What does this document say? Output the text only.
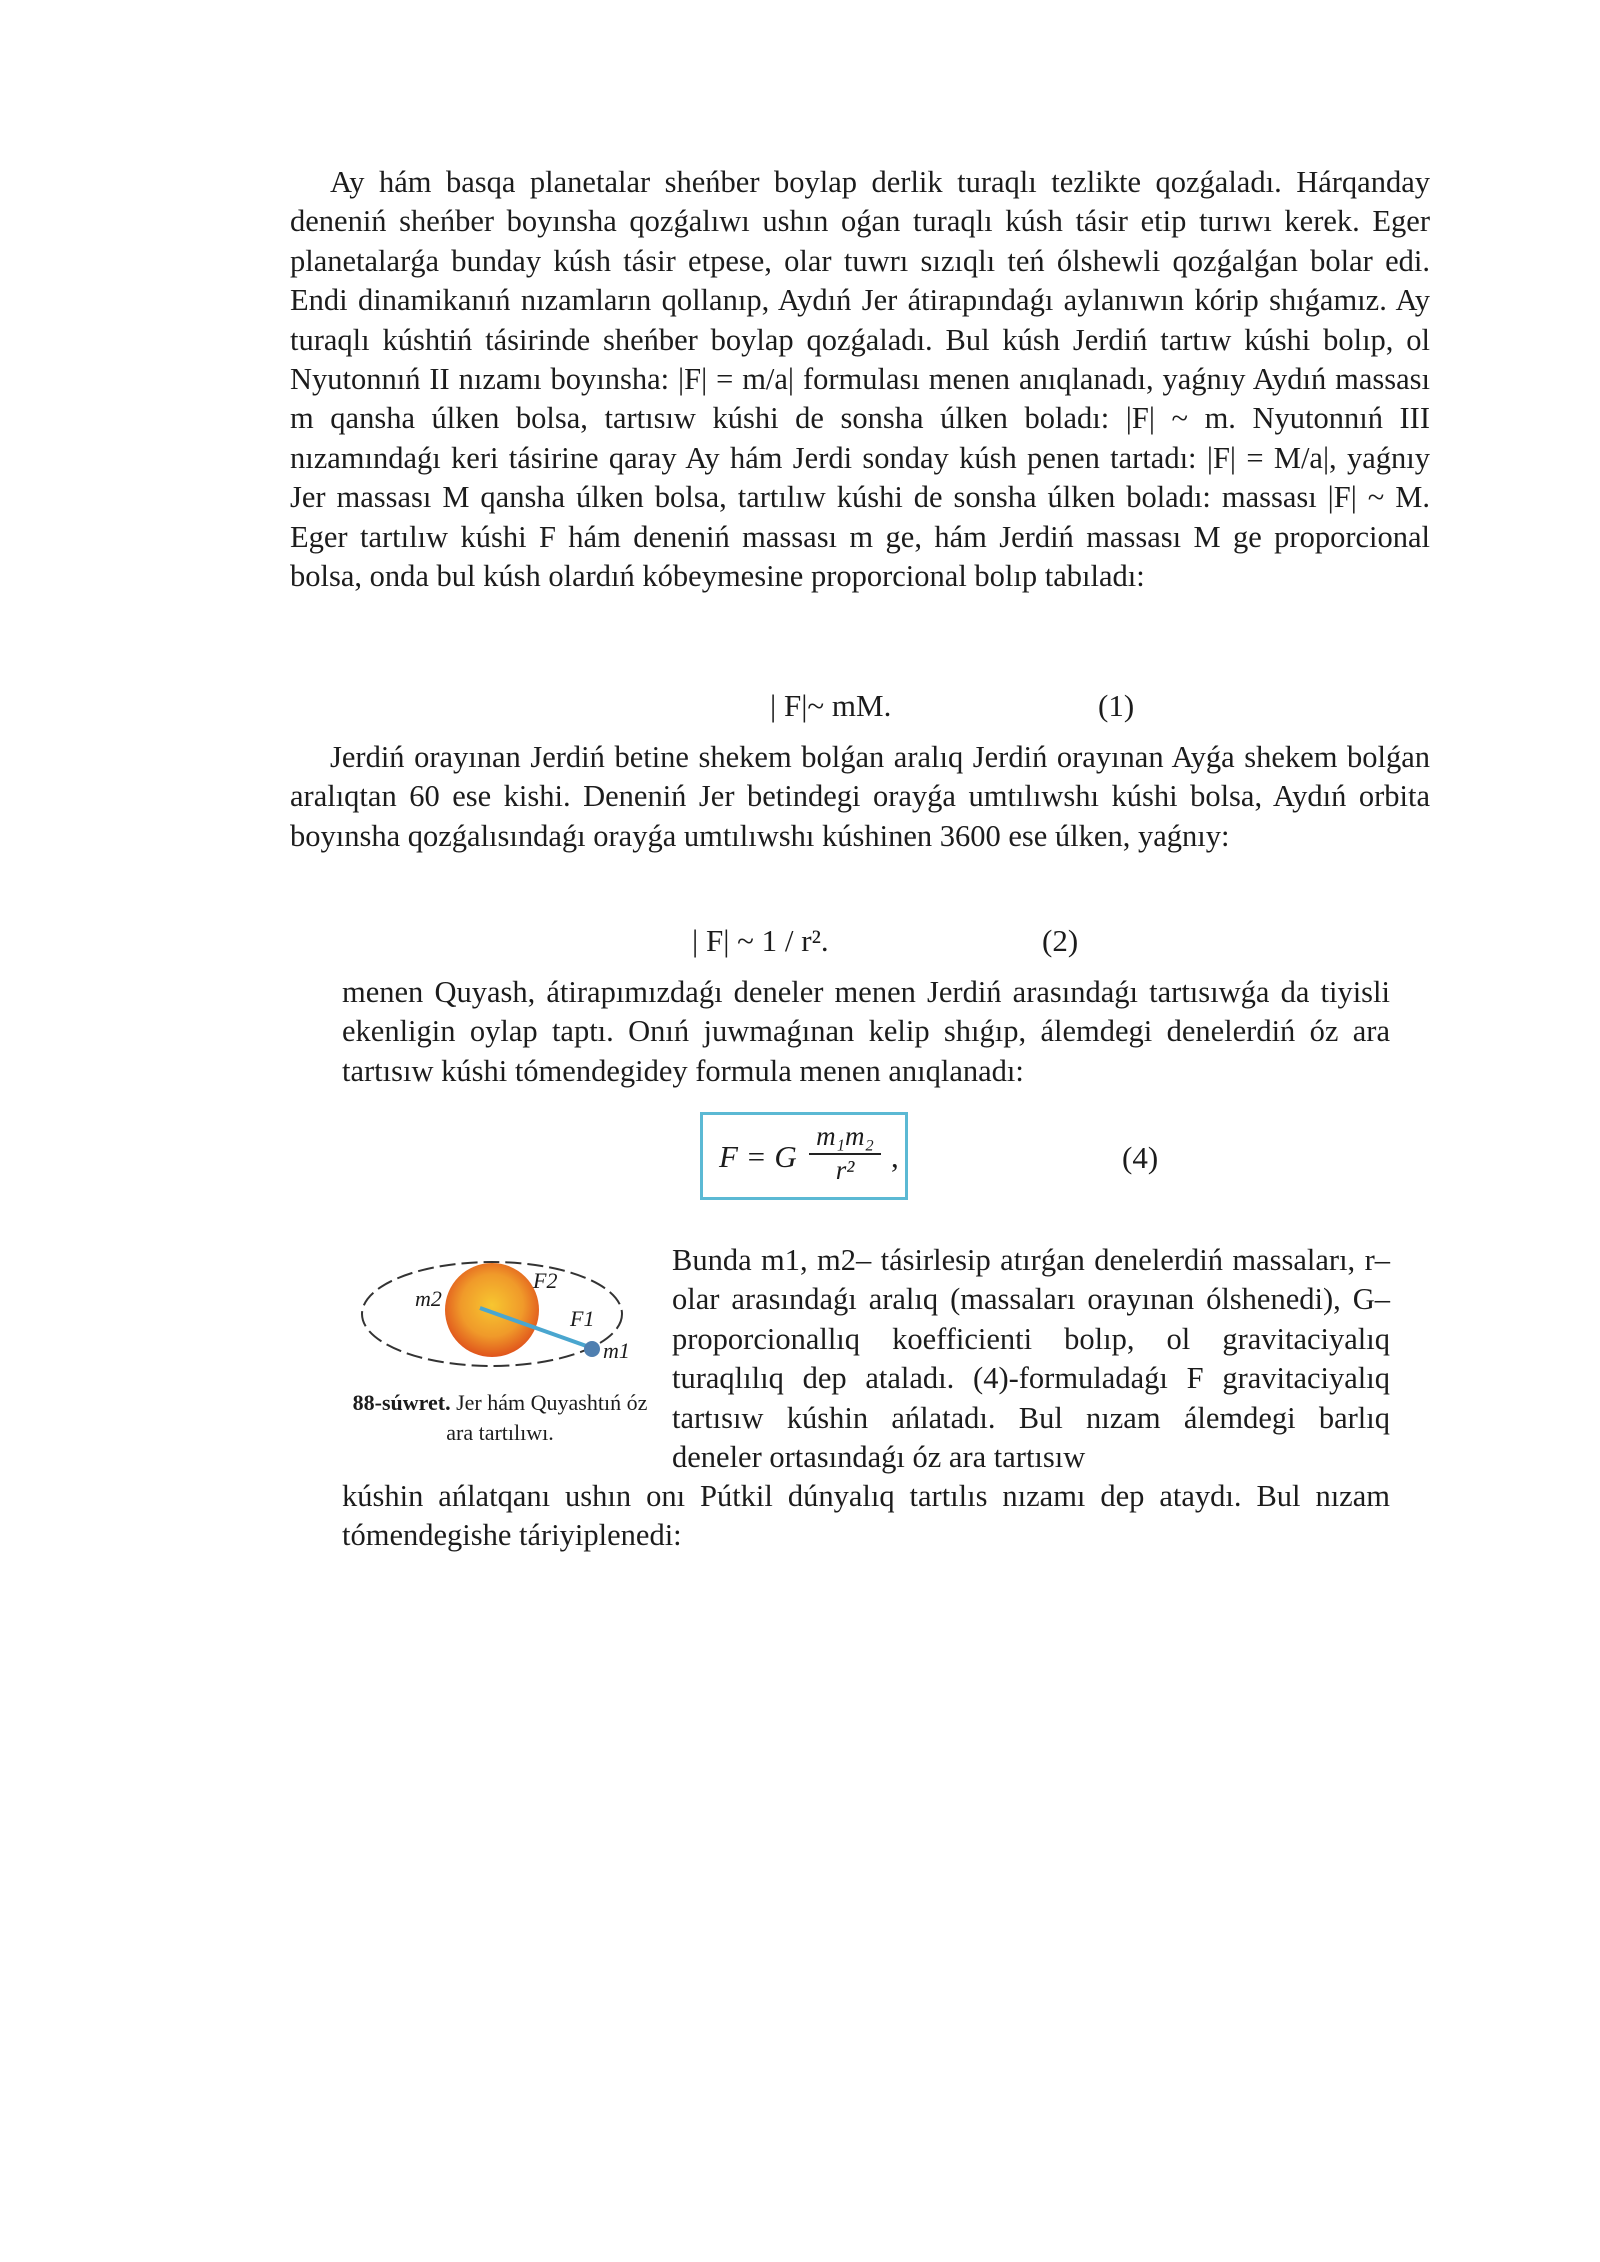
Ay hám basqa planetalar sheńber boylap derlik turaqlı tezlikte qozǵaladı. Hárqanday deneniń sheńber boyınsha qozǵalıwı ushın oǵan turaqlı kúsh tásir etip turıwı kerek. Eger planetalarǵa bunday kúsh tásir etpese, olar tuwrı sızıqlı teń ólshewli qozǵalǵan bolar edi. Endi dinamikanıń nızamların qollanıp, Aydıń Jer átirapındaǵı aylanıwın kórip shıǵamız. Ay turaqlı kúshtiń tásirinde sheńber boylap qozǵaladı. Bul kúsh Jerdiń tartıw kúshi bolıp, ol Nyutonnıń II nızamı boyınsha: |F| = m/a| formulası menen anıqlanadı, yaǵnıy Aydıń massası m qansha úlken bolsa, tartısıw kúshi de sonsha úlken boladı: |F| ~ m. Nyutonnıń III nızamındaǵı keri tásirine qaray Ay hám Jerdi sonday kúsh penen tartadı: |F| = M/a|, yaǵnıy Jer massası M qansha úlken bolsa, tartılıw kúshi de sonsha úlken boladı: massası |F| ~ M. Eger tartılıw kúshi F hám deneniń massası m ge, hám Jerdiń massası M ge proporcional bolsa, onda bul kúsh olardıń kóbeymesine proporcional bolıp tabıladı:

| F|~ mM.	(1)

Jerdiń orayınan Jerdiń betine shekem bolǵan aralıq Jerdiń orayınan Ayǵa shekem bolǵan aralıqtan 60 ese kishi. Deneniń Jer betindegi orayǵa umtılıwshı kúshi bolsa, Aydıń orbita boyınsha qozǵalısındaǵı orayǵa umtılıwshı kúshinen 3600 ese úlken, yaǵnıy:

| F| ~ 1 / r².	(2)

menen Quyash, átirapımızdaǵı deneler menen Jerdiń arasındaǵı tartısıwǵa da tiyisli ekenligin oylap taptı. Onıń juwmaǵınan kelip shıǵıp, álemdegi denelerdiń óz ara tartısıw kúshi tómendegidey formula menen anıqlanadı:

F = G $\frac{\text{m₁m₂}}{\text{r²}}$ ,	(4)
m2
F2
F1
m1
88-súwret. Jer hám Quyashtıń óz ara tartılıwı.

Bunda m1, m2– tásirlesip atırǵan denelerdiń massaları, r–olar arasındaǵı aralıq (massaları orayınan ólshenedi), G–proporcionallıq koefficienti bolıp, ol gravitaciyalıq turaqlılıq dep ataladı. (4)-formuladaǵı F gravitaciyalıq tartısıw kúshin ańlatadı. Bul nızam álemdegi barlıq deneler ortasındaǵı óz ara tartısıw

kúshin ańlatqanı ushın onı Pútkil dúnyalıq tartılıs nızamı dep ataydı. Bul nızam tómendegishe táriyiplenedi:
